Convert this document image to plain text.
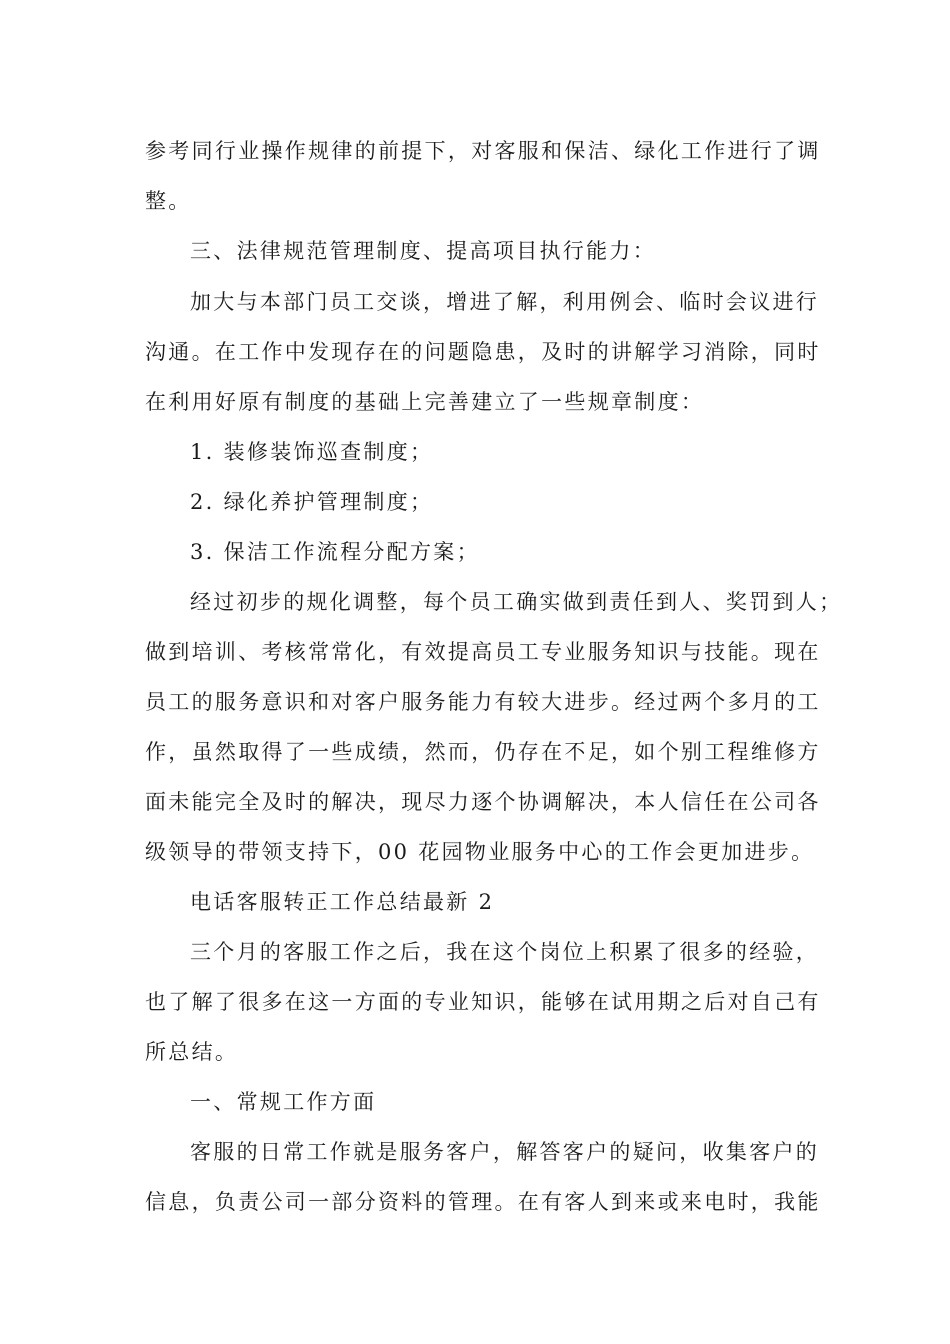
参考同行业操作规律的前提下，对客服和保洁、绿化工作进行了调
整。
三、法律规范管理制度、提高项目执行能力：
加大与本部门员工交谈，增进了解，利用例会、临时会议进行
沟通。在工作中发现存在的问题隐患，及时的讲解学习消除，同时
在利用好原有制度的基础上完善建立了一些规章制度：
1. 装修装饰巡查制度；
2. 绿化养护管理制度；
3. 保洁工作流程分配方案；
经过初步的规化调整，每个员工确实做到责任到人、奖罚到人；
做到培训、考核常常化，有效提高员工专业服务知识与技能。现在
员工的服务意识和对客户服务能力有较大进步。经过两个多月的工
作，虽然取得了一些成绩，然而，仍存在不足，如个别工程维修方
面未能完全及时的解决，现尽力逐个协调解决，本人信任在公司各
级领导的带领支持下，00 花园物业服务中心的工作会更加进步。
电话客服转正工作总结最新 2
三个月的客服工作之后，我在这个岗位上积累了很多的经验，
也了解了很多在这一方面的专业知识，能够在试用期之后对自己有
所总结。
一、常规工作方面
客服的日常工作就是服务客户，解答客户的疑问，收集客户的
信息，负责公司一部分资料的管理。在有客人到来或来电时，我能
